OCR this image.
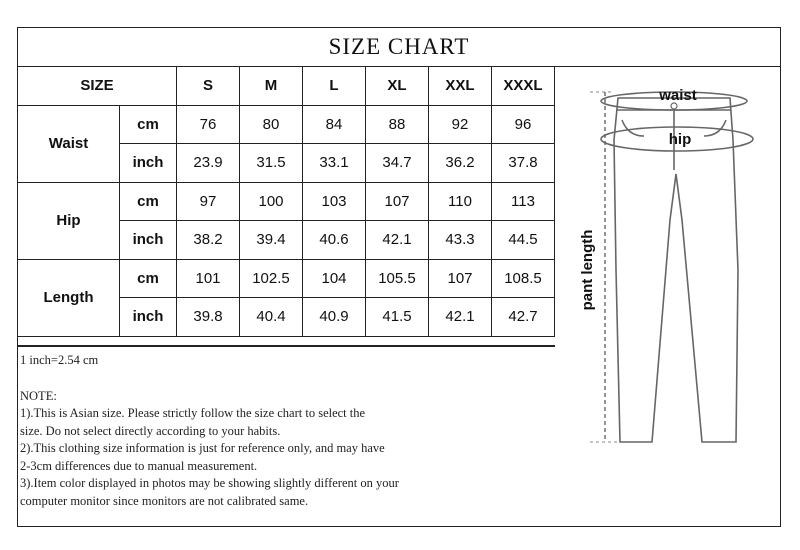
SIZE CHART
SIZE		S	M	L	XL	XXL	XXXL
Waist	cm	76	80	84	88	92	96
	inch	23.9	31.5	33.1	34.7	36.2	37.8
Hip	cm	97	100	103	107	110	113
	inch	38.2	39.4	40.6	42.1	43.3	44.5
Length	cm	101	102.5	104	105.5	107	108.5
	inch	39.8	40.4	40.9	41.5	42.1	42.7
1 inch=2.54 cm

NOTE:

1).This is Asian size. Please strictly follow the size chart to select the

size. Do not select directly according to your habits.

2).This clothing size information is just for reference only, and may have

2-3cm differences due to manual measurement.

3).Item color displayed in photos may be showing slightly different on your

computer monitor since monitors are not calibrated same.

waist
hip
pant length
